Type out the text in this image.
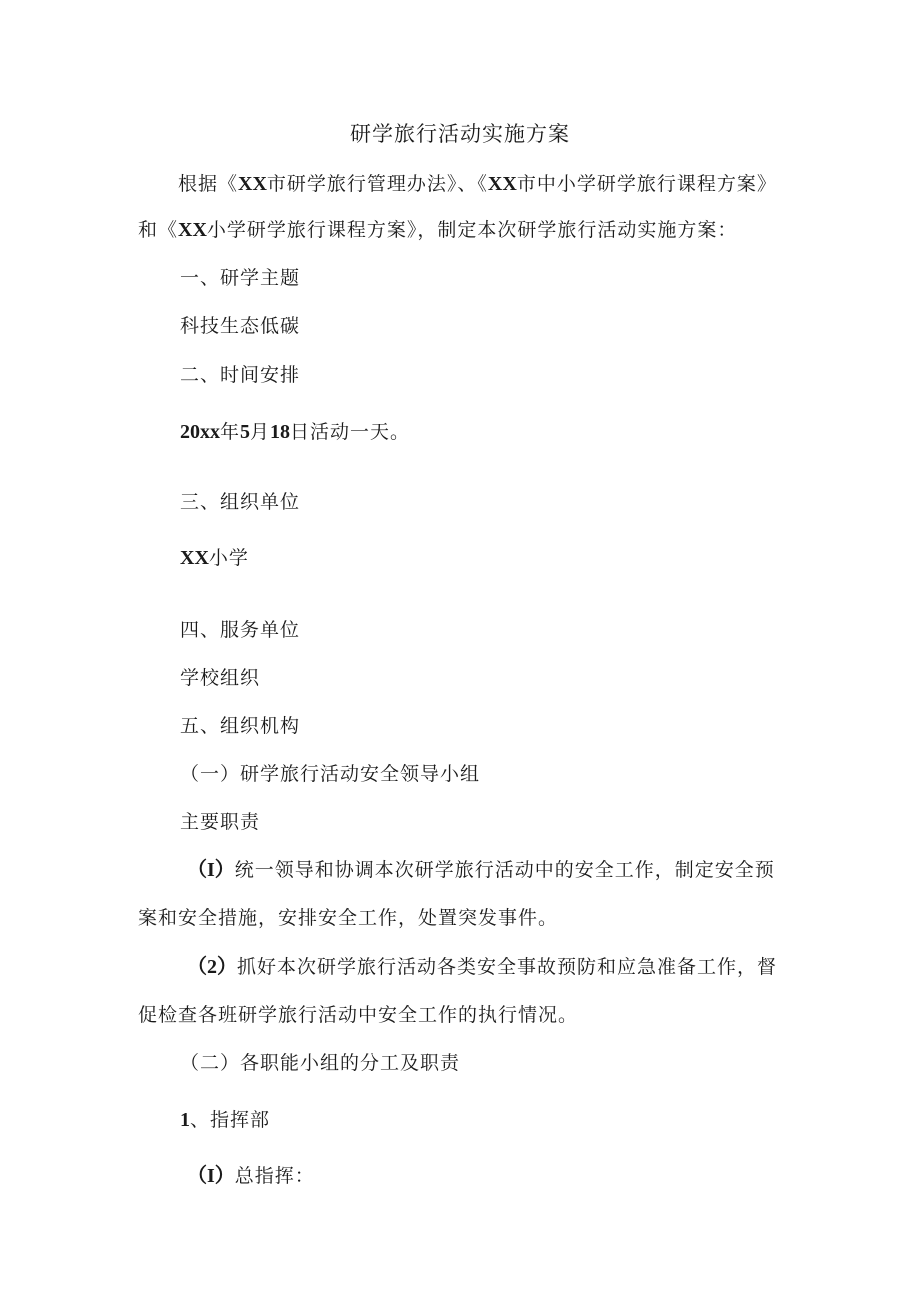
研学旅行活动实施方案
根据《XX市研学旅行管理办法》、《XX市中小学研学旅行课程方案》
和《XX小学研学旅行课程方案》，制定本次研学旅行活动实施方案：
一、研学主题
科技生态低碳
二、时间安排
20xx年5月18日活动一天。
三、组织单位
XX小学
四、服务单位
学校组织
五、组织机构
（一）研学旅行活动安全领导小组
主要职责
（I）统一领导和协调本次研学旅行活动中的安全工作，制定安全预
案和安全措施，安排安全工作，处置突发事件。
（2）抓好本次研学旅行活动各类安全事故预防和应急准备工作，督
促检查各班研学旅行活动中安全工作的执行情况。
（二）各职能小组的分工及职责
1、指挥部
（I）总指挥：
